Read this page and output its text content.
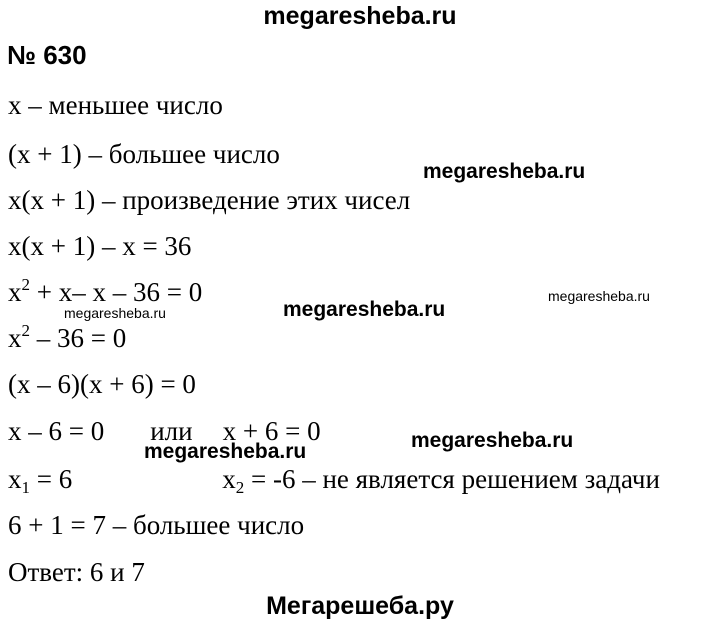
megaresheba.ru
№ 630
x – меньшее число
(x + 1) – большее число
x(x + 1) – произведение этих чисел
x(x + 1) – x = 36
$x^2 + x-$ x – 36 = 0
$x^2 - 36 = 0$
(x – 6)(x + 6) = 0
x – 6 = 0 или x + 6 = 0
$x_1 = 6$	$x_2 = -6$ – не является решением задачи
6 + 1 = 7 – большее число
Ответ: 6 и 7
megaresheba.ru
megaresheba.ru
megaresheba.ru
megaresheba.ru
megaresheba.ru
megaresheba.ru
Мегарешеба.ру
